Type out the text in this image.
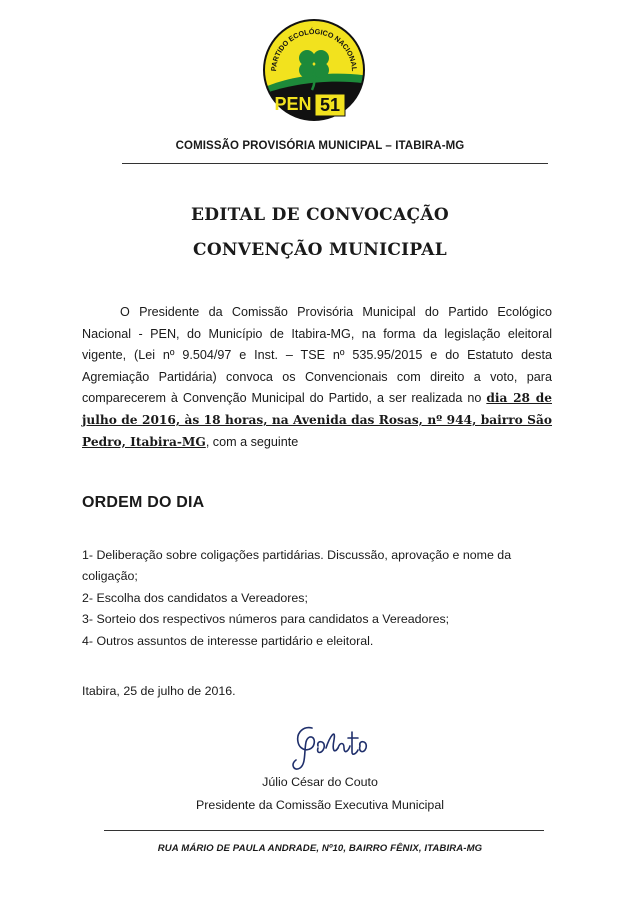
PARTIDO ECOLÓGICO NACIONAL
PEN 51
COMISSÃO PROVISÓRIA MUNICIPAL – ITABIRA-MG
EDITAL DE CONVOCAÇÃO
CONVENÇÃO MUNICIPAL
O Presidente da Comissão Provisória Municipal do Partido Ecológico Nacional - PEN, do Município de Itabira-MG, na forma da legislação eleitoral vigente, (Lei nº 9.504/97 e Inst. – TSE nº 535.95/2015 e do Estatuto desta Agremiação Partidária) convoca os Convencionais com direito a voto, para comparecerem à Convenção Municipal do Partido, a ser realizada no dia 28 de julho de 2016, às 18 horas, na Avenida das Rosas, nº 944, bairro São Pedro, Itabira-MG, com a seguinte
ORDEM DO DIA
1- Deliberação sobre coligações partidárias. Discussão, aprovação e nome da coligação;
2- Escolha dos candidatos a Vereadores;
3- Sorteio dos respectivos números para candidatos a Vereadores;
4- Outros assuntos de interesse partidário e eleitoral.
Itabira, 25 de julho de 2016.
Júlio César do Couto
Presidente da Comissão Executiva Municipal
RUA MÁRIO DE PAULA ANDRADE, Nº10, BAIRRO FÊNIX, ITABIRA-MG
